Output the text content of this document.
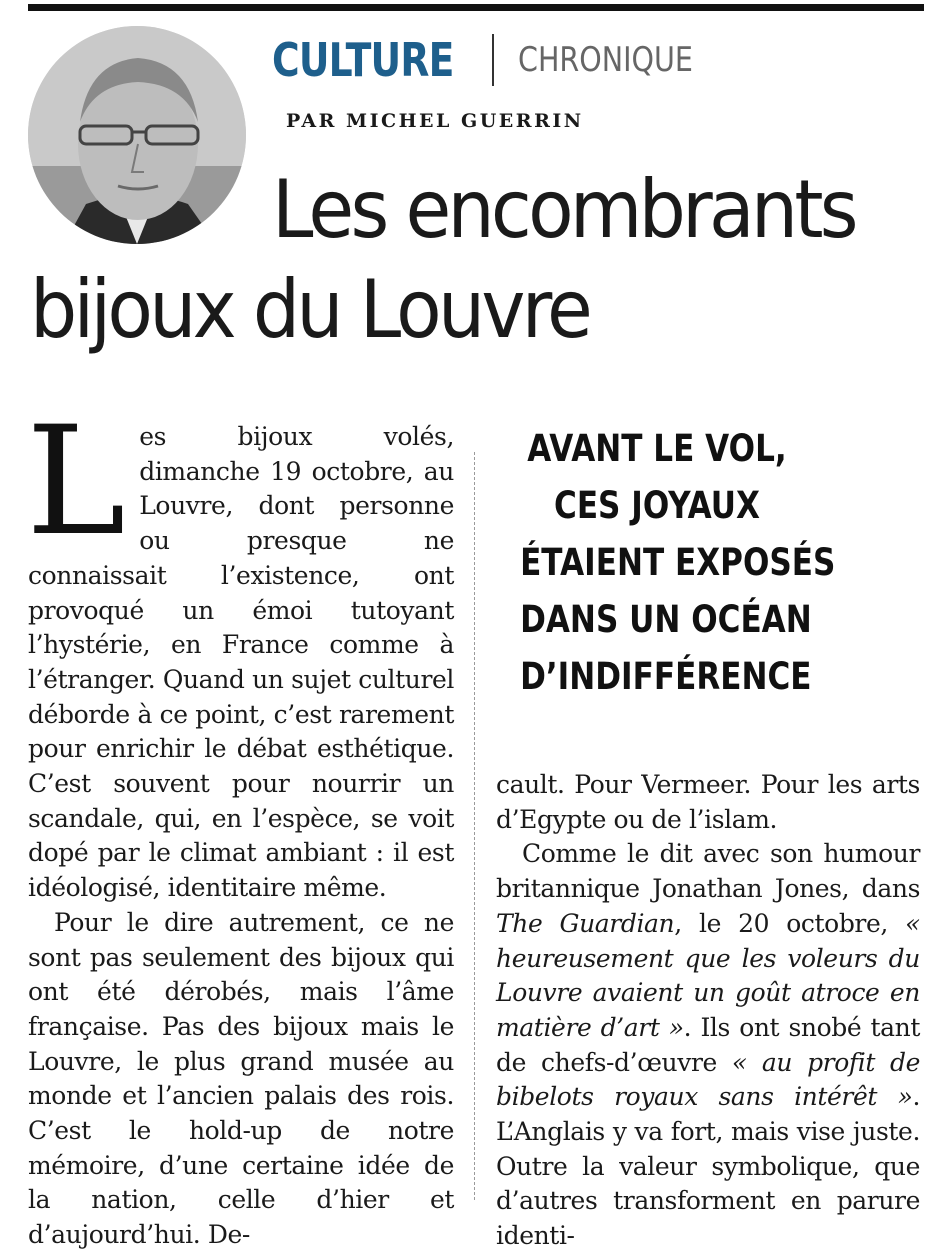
CULTURE CHRONIQUE
PAR MICHEL GUERRIN
Les encombrants
bijoux du Louvre

Les bijoux volés, dimanche 19 octobre, au Louvre, dont personne ou presque ne connaissait l’existence, ont provoqué un émoi tutoyant l’hystérie, en France comme à l’étranger. Quand un sujet culturel déborde à ce point, c’est rarement pour enrichir le débat esthétique. C’est souvent pour nourrir un scandale, qui, en l’espèce, se voit dopé par le climat ambiant : il est idéologisé, identitaire même.

Pour le dire autrement, ce ne sont pas seulement des bijoux qui ont été dérobés, mais l’âme française. Pas des bijoux mais le Louvre, le plus grand musée au monde et l’ancien palais des rois. C’est le hold-up de notre mémoire, d’une certaine idée de la nation, celle d’hier et d’aujourd’hui. De-

AVANT LE VOL,
CES JOYAUX
ÉTAIENT EXPOSÉS
DANS UN OCÉAN
D’INDIFFÉRENCE

cault. Pour Vermeer. Pour les arts d’Egypte ou de l’islam.

Comme le dit avec son humour britannique Jonathan Jones, dans The Guardian, le 20 octobre, « heureusement que les voleurs du Louvre avaient un goût atroce en matière d’art ». Ils ont snobé tant de chefs-d’œuvre « au profit de bibelots royaux sans intérêt ». L’Anglais y va fort, mais vise juste. Outre la valeur symbolique, que d’autres transforment en parure identi-
